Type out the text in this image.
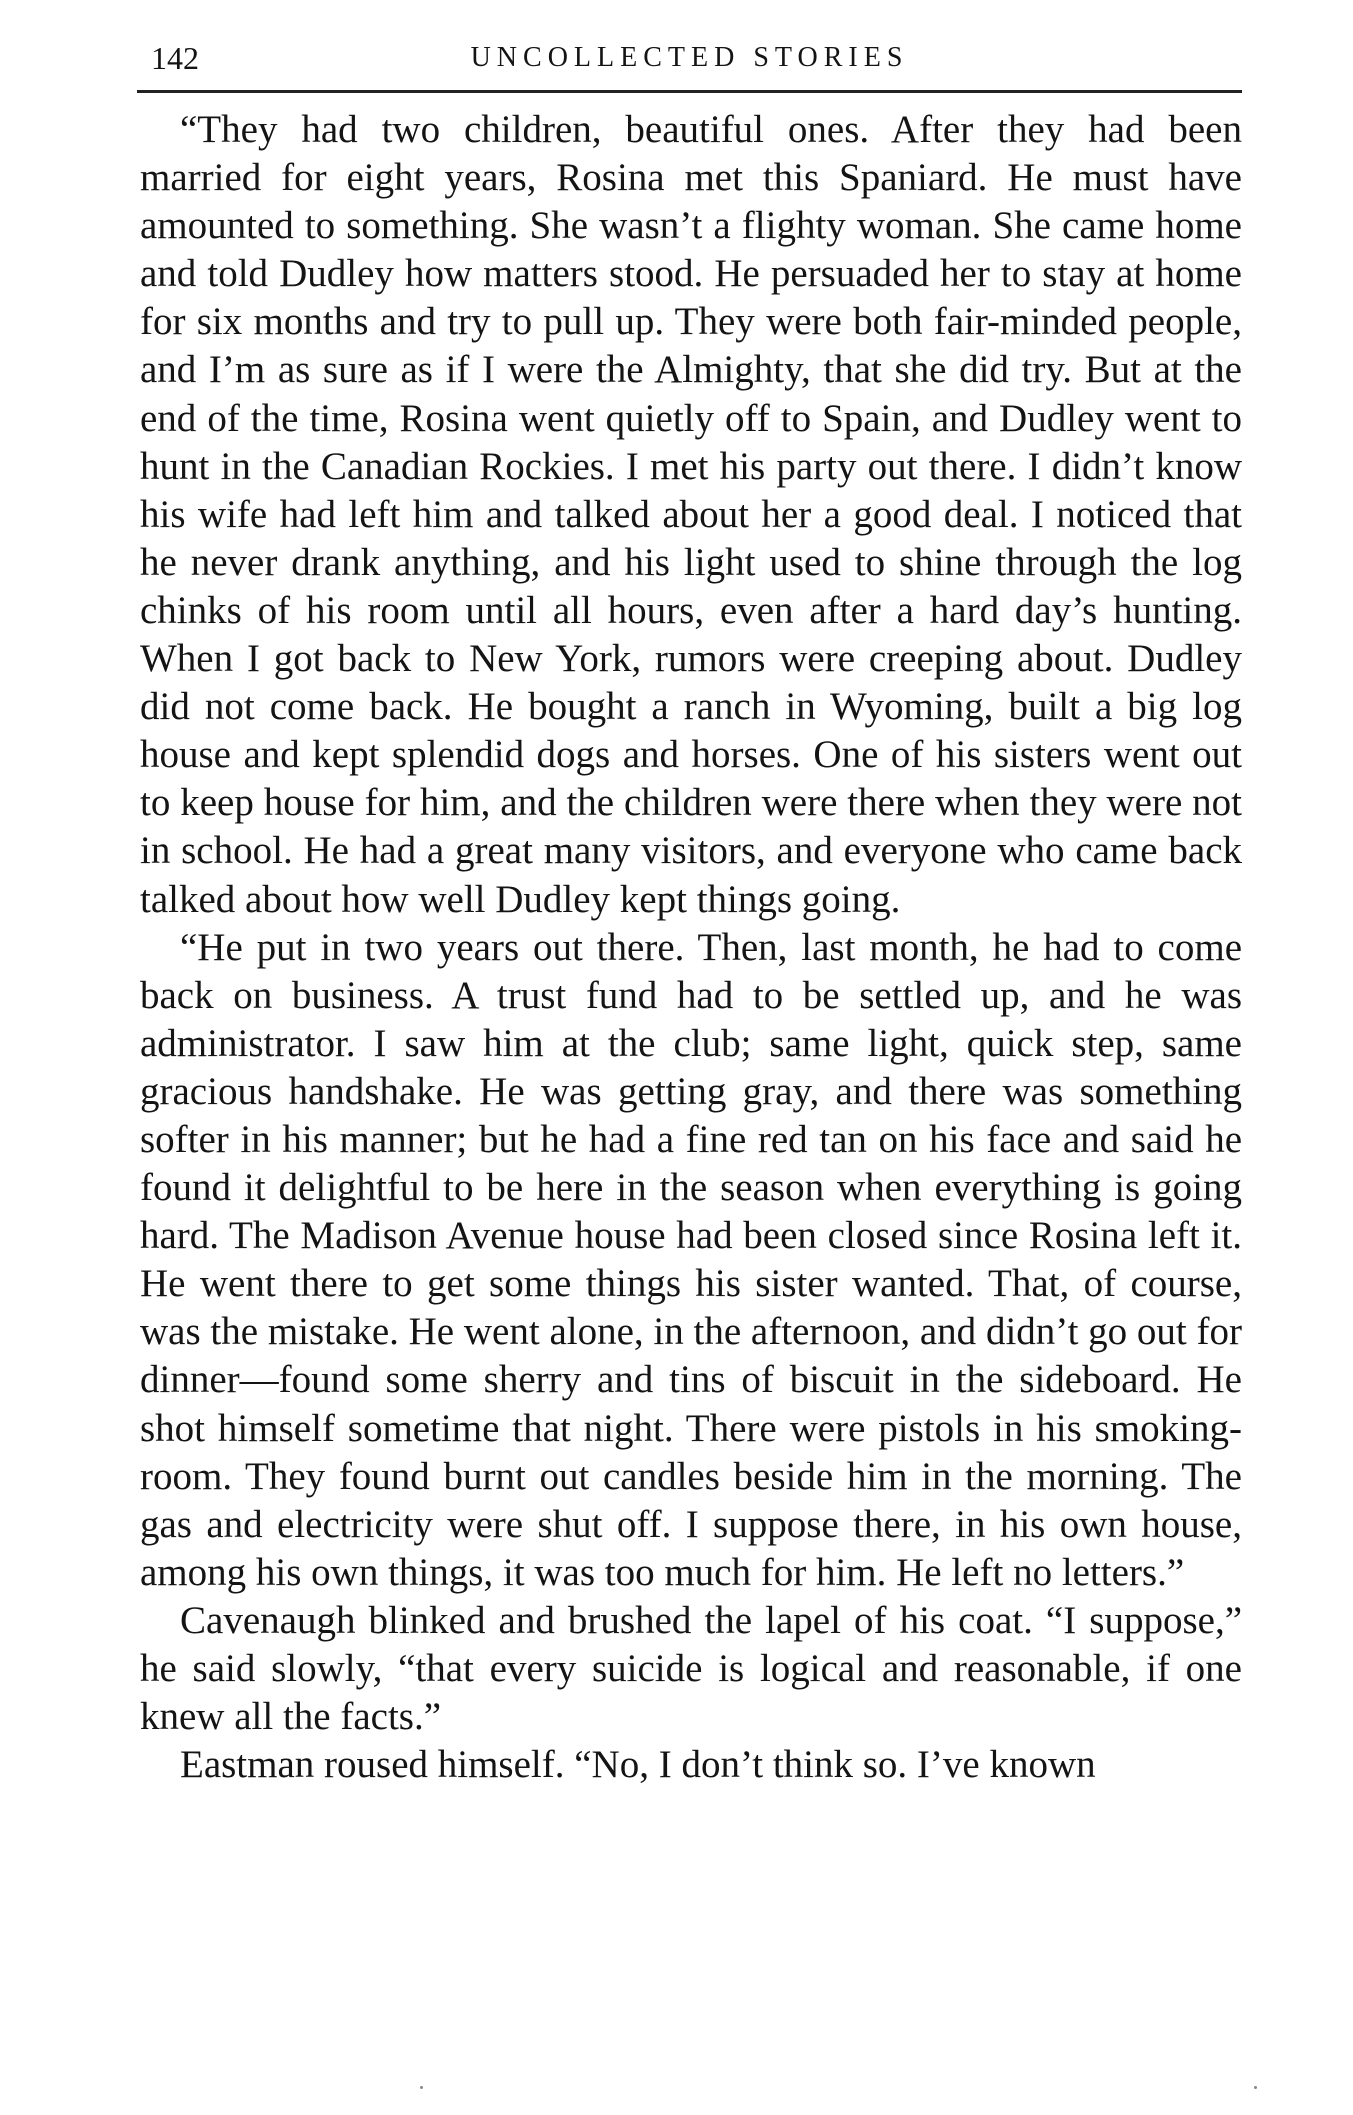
142	UNCOLLECTED STORIES

“They had two children, beautiful ones. After they had been married for eight years, Rosina met this Spaniard. He must have amounted to something. She wasn’t a flighty woman. She came home and told Dudley how matters stood. He persuaded her to stay at home for six months and try to pull up. They were both fair-minded people, and I’m as sure as if I were the Almighty, that she did try. But at the end of the time, Rosina went quietly off to Spain, and Dudley went to hunt in the Canadian Rockies. I met his party out there. I didn’t know his wife had left him and talked about her a good deal. I noticed that he never drank anything, and his light used to shine through the log chinks of his room until all hours, even after a hard day’s hunting. When I got back to New York, rumors were creeping about. Dudley did not come back. He bought a ranch in Wyoming, built a big log house and kept splendid dogs and horses. One of his sisters went out to keep house for him, and the children were there when they were not in school. He had a great many visitors, and everyone who came back talked about how well Dudley kept things going.

“He put in two years out there. Then, last month, he had to come back on business. A trust fund had to be settled up, and he was administrator. I saw him at the club; same light, quick step, same gracious handshake. He was getting gray, and there was something softer in his manner; but he had a fine red tan on his face and said he found it delightful to be here in the season when everything is going hard. The Madison Avenue house had been closed since Rosina left it. He went there to get some things his sister wanted. That, of course, was the mistake. He went alone, in the afternoon, and didn’t go out for dinner—found some sherry and tins of biscuit in the sideboard. He shot himself sometime that night. There were pistols in his smoking-room. They found burnt out candles beside him in the morning. The gas and electricity were shut off. I suppose there, in his own house, among his own things, it was too much for him. He left no letters.”

Cavenaugh blinked and brushed the lapel of his coat. “I suppose,” he said slowly, “that every suicide is logical and reasonable, if one knew all the facts.”

Eastman roused himself. “No, I don’t think so. I’ve known
